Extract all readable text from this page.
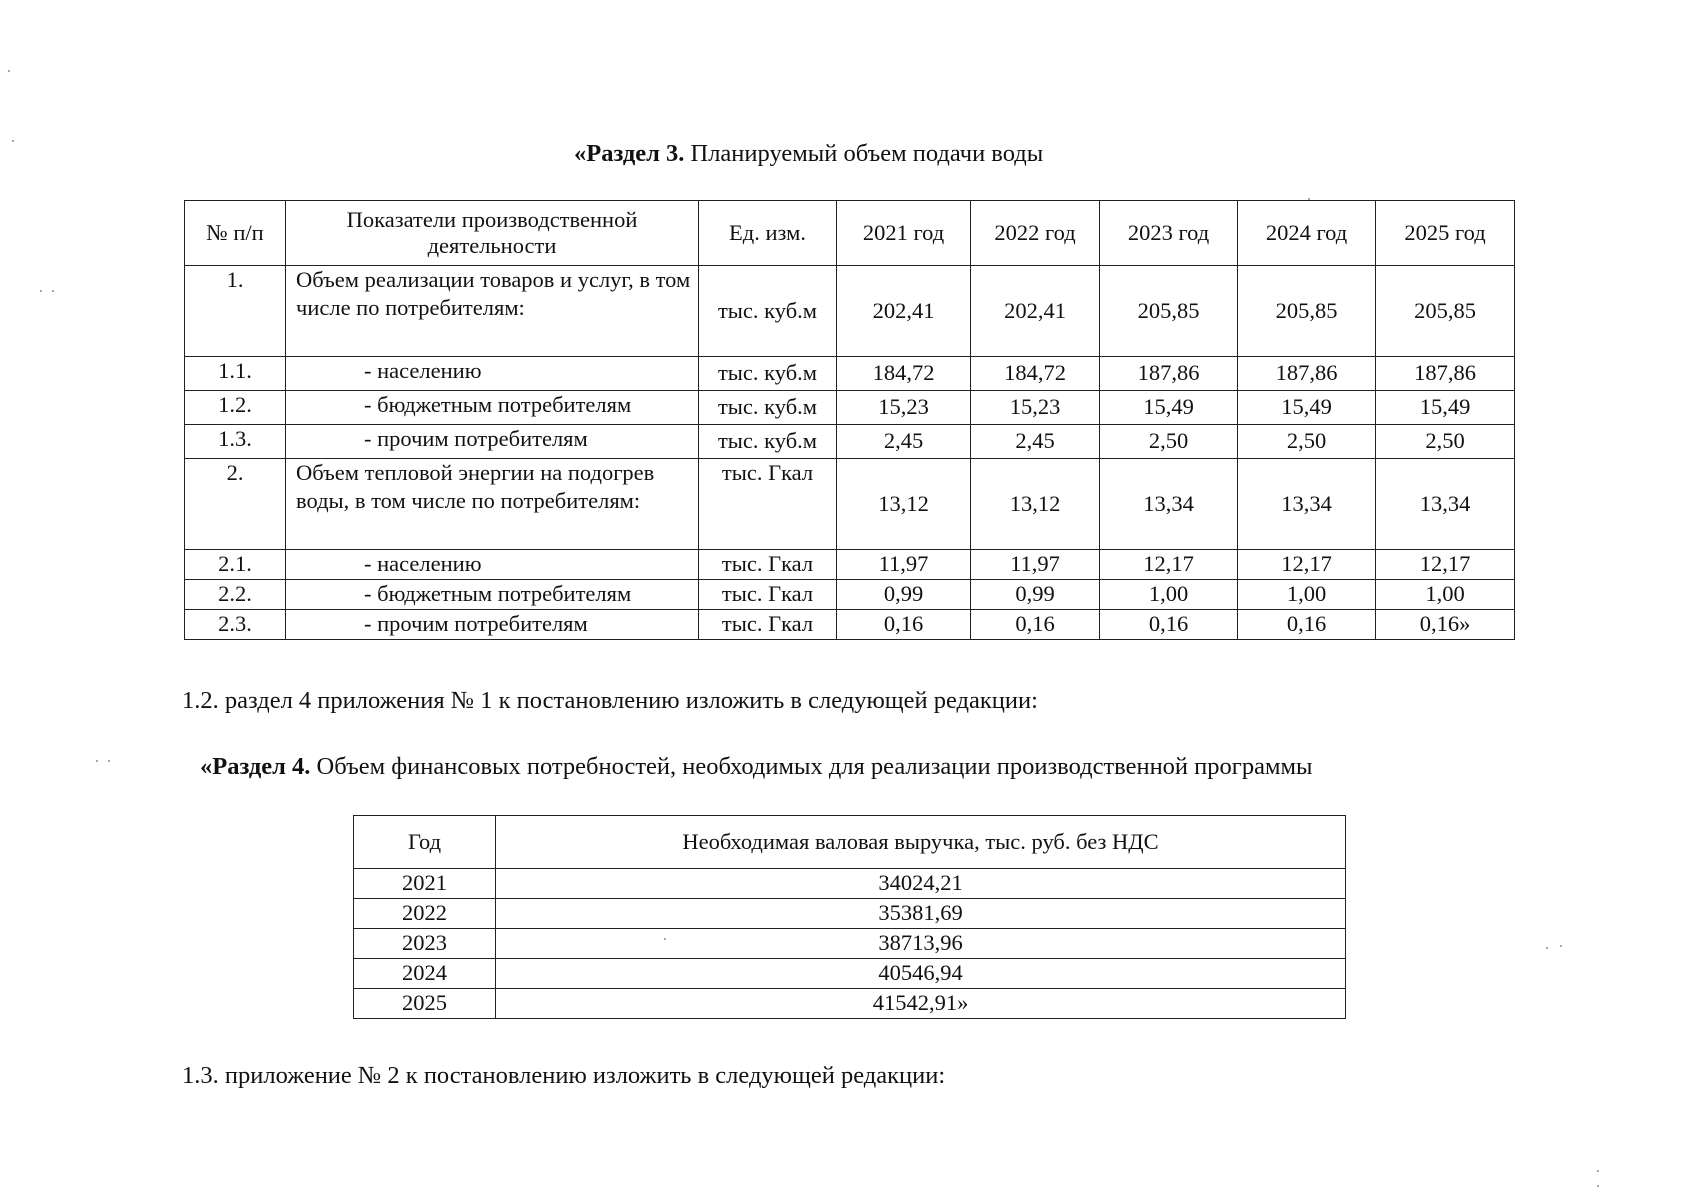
«Раздел 3. Планируемый объем подачи воды
№ п/п	Показатели производственной деятельности	Ед. изм.	2021 год	2022 год	2023 год	2024 год	2025 год
1.	Объем реализации товаров и услуг, в том числе по потребителям:	тыс. куб.м	202,41	202,41	205,85	205,85	205,85
1.1.	- населению	тыс. куб.м	184,72	184,72	187,86	187,86	187,86
1.2.	- бюджетным потребителям	тыс. куб.м	15,23	15,23	15,49	15,49	15,49
1.3.	- прочим потребителям	тыс. куб.м	2,45	2,45	2,50	2,50	2,50
2.	Объем тепловой энергии на подогрев воды, в том числе по потребителям:	тыс. Гкал	13,12	13,12	13,34	13,34	13,34
2.1.	- населению	тыс. Гкал	11,97	11,97	12,17	12,17	12,17
2.2.	- бюджетным потребителям	тыс. Гкал	0,99	0,99	1,00	1,00	1,00
2.3.	- прочим потребителям	тыс. Гкал	0,16	0,16	0,16	0,16	0,16»
1.2. раздел 4 приложения № 1 к постановлению изложить в следующей редакции:
«Раздел 4. Объем финансовых потребностей, необходимых для реализации производственной программы
Год	Необходимая валовая выручка, тыс. руб. без НДС
2021	34024,21
2022	35381,69
2023	38713,96
2024	40546,94
2025	41542,91»
1.3. приложение № 2 к постановлению изложить в следующей редакции:
